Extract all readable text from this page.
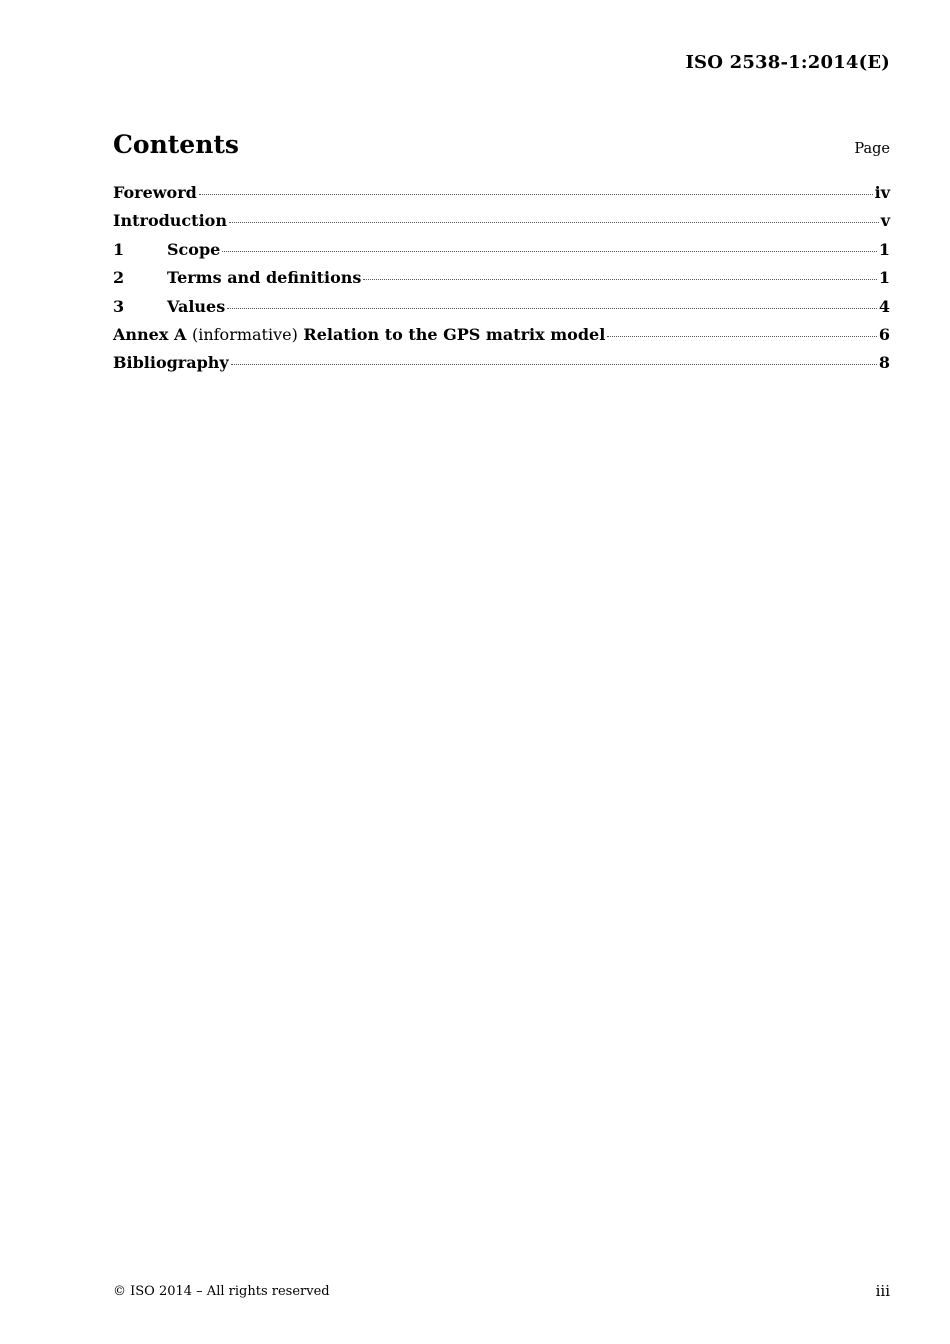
ISO 2538-1:2014(E)
Contents	Page
Foreword	iv
Introduction	v
1	Scope	1
2	Terms and definitions	1
3	Values	4
Annex A (informative) Relation to the GPS matrix model	6
Bibliography	8
© ISO 2014 – All rights reserved	iii
